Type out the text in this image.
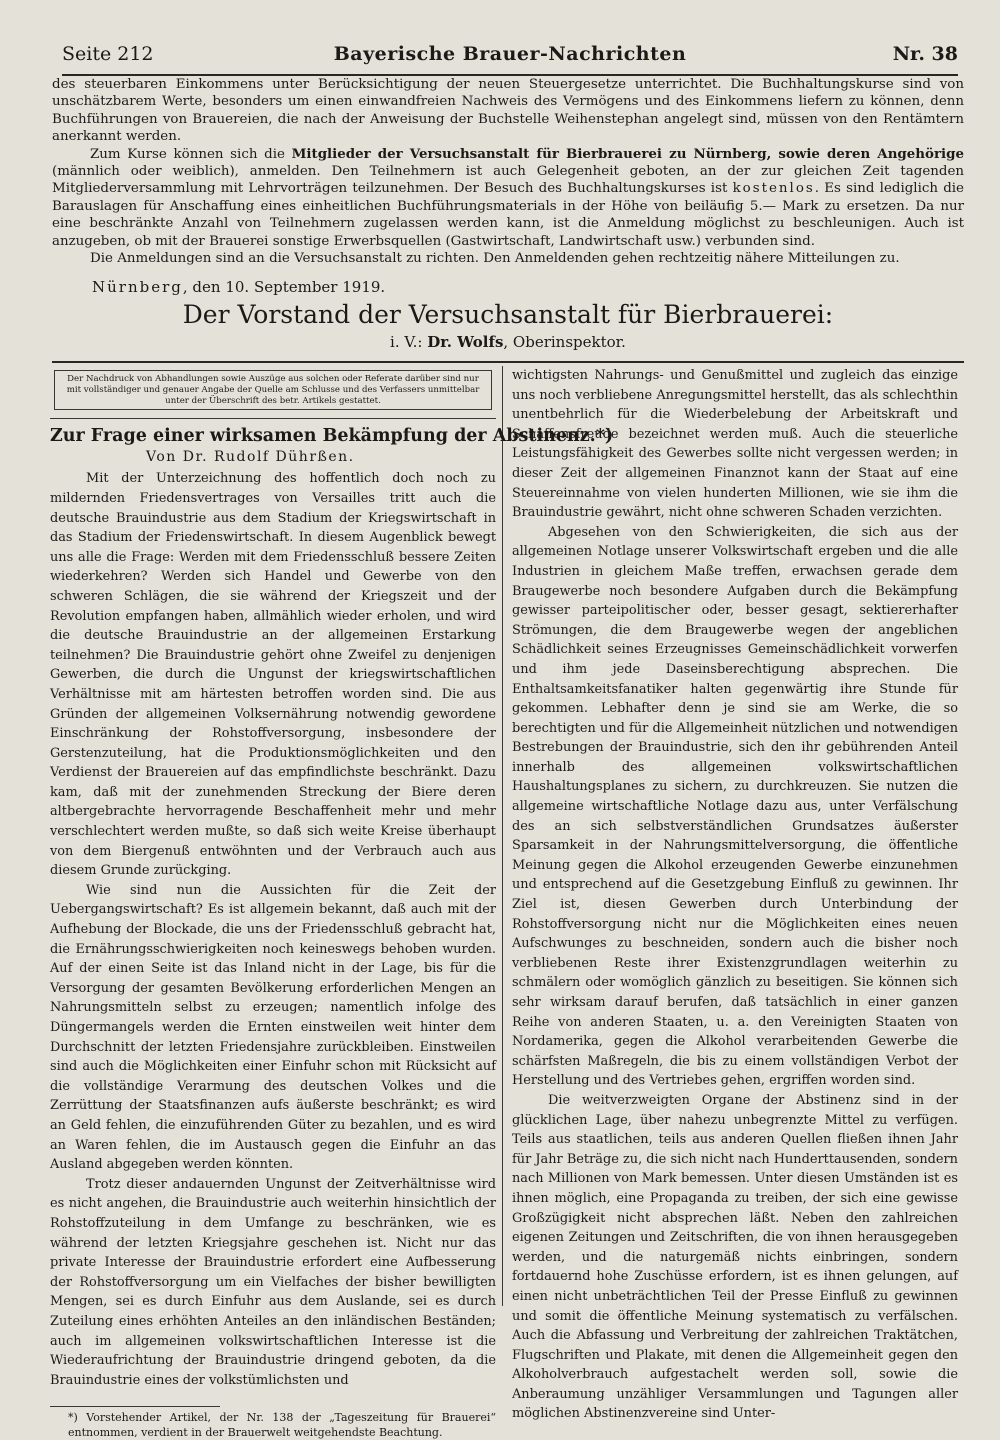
Seite 212	Bayerische Brauer-Nachrichten	Nr. 38

des steuerbaren Einkommens unter Berücksichtigung der neuen Steuergesetze unterrichtet. Die Buchhaltungskurse sind von unschätzbarem Werte, besonders um einen einwandfreien Nachweis des Vermögens und des Einkommens liefern zu können, denn Buchführungen von Brauereien, die nach der Anweisung der Buchstelle Weihenstephan angelegt sind, müssen von den Rentämtern anerkannt werden.

Zum Kurse können sich die Mitglieder der Versuchsanstalt für Bierbrauerei zu Nürnberg, sowie deren Angehörige (männlich oder weiblich), anmelden. Den Teilnehmern ist auch Gelegenheit geboten, an der zur gleichen Zeit tagenden Mitgliederversammlung mit Lehrvorträgen teilzunehmen. Der Besuch des Buchhaltungskurses ist kostenlos. Es sind lediglich die Barauslagen für Anschaffung eines einheitlichen Buchführungsmaterials in der Höhe von beiläufig 5.— Mark zu ersetzen. Da nur eine beschränkte Anzahl von Teilnehmern zugelassen werden kann, ist die Anmeldung möglichst zu beschleunigen. Auch ist anzugeben, ob mit der Brauerei sonstige Erwerbsquellen (Gastwirtschaft, Landwirtschaft usw.) verbunden sind.

Die Anmeldungen sind an die Versuchsanstalt zu richten. Den Anmeldenden gehen rechtzeitig nähere Mitteilungen zu.

Nürnberg, den 10. September 1919.
Der Vorstand der Versuchsanstalt für Bierbrauerei:
i. V.: Dr. Wolfs, Oberinspektor.
Der Nachdruck von Abhandlungen sowie Auszüge aus solchen oder Referate darüber sind nur mit vollständiger und genauer Angabe der Quelle am Schlusse und des Verfassers unmittelbar unter der Überschrift des betr. Artikels gestattet.
Zur Frage einer wirksamen Bekämpfung der Abstinenz.*)
Von Dr. Rudolf Dührßen.

Mit der Unterzeichnung des hoffentlich doch noch zu mildernden Friedensvertrages von Versailles tritt auch die deutsche Brauindustrie aus dem Stadium der Kriegswirtschaft in das Stadium der Friedenswirtschaft. In diesem Augenblick bewegt uns alle die Frage: Werden mit dem Friedensschluß bessere Zeiten wiederkehren? Werden sich Handel und Gewerbe von den schweren Schlägen, die sie während der Kriegszeit und der Revolution empfangen haben, allmählich wieder erholen, und wird die deutsche Brauindustrie an der allgemeinen Erstarkung teilnehmen? Die Brauindustrie gehört ohne Zweifel zu denjenigen Gewerben, die durch die Ungunst der kriegswirtschaftlichen Verhältnisse mit am härtesten betroffen worden sind. Die aus Gründen der allgemeinen Volksernährung notwendig gewordene Einschränkung der Rohstoffversorgung, insbesondere der Gerstenzuteilung, hat die Produktionsmöglichkeiten und den Verdienst der Brauereien auf das empfindlichste beschränkt. Dazu kam, daß mit der zunehmenden Streckung der Biere deren altbergebrachte hervorragende Beschaffenheit mehr und mehr verschlechtert werden mußte, so daß sich weite Kreise überhaupt von dem Biergenuß entwöhnten und der Verbrauch auch aus diesem Grunde zurückging.

Wie sind nun die Aussichten für die Zeit der Uebergangswirtschaft? Es ist allgemein bekannt, daß auch mit der Aufhebung der Blockade, die uns der Friedensschluß gebracht hat, die Ernährungsschwierigkeiten noch keineswegs behoben wurden. Auf der einen Seite ist das Inland nicht in der Lage, bis für die Versorgung der gesamten Bevölkerung erforderlichen Mengen an Nahrungsmitteln selbst zu erzeugen; namentlich infolge des Düngermangels werden die Ernten einstweilen weit hinter dem Durchschnitt der letzten Friedensjahre zurückbleiben. Einstweilen sind auch die Möglichkeiten einer Einfuhr schon mit Rücksicht auf die vollständige Verarmung des deutschen Volkes und die Zerrüttung der Staatsfinanzen aufs äußerste beschränkt; es wird an Geld fehlen, die einzuführenden Güter zu bezahlen, und es wird an Waren fehlen, die im Austausch gegen die Einfuhr an das Ausland abgegeben werden könnten.

Trotz dieser andauernden Ungunst der Zeitverhältnisse wird es nicht angehen, die Brauindustrie auch weiterhin hinsichtlich der Rohstoffzuteilung in dem Umfange zu beschränken, wie es während der letzten Kriegsjahre geschehen ist. Nicht nur das private Interesse der Brauindustrie erfordert eine Aufbesserung der Rohstoffversorgung um ein Vielfaches der bisher bewilligten Mengen, sei es durch Einfuhr aus dem Auslande, sei es durch Zuteilung eines erhöhten Anteiles an den inländischen Beständen; auch im allgemeinen volkswirtschaftlichen Interesse ist die Wiederaufrichtung der Brauindustrie dringend geboten, da die Brauindustrie eines der volkstümlichsten und

*) Vorstehender Artikel, der Nr. 138 der „Tageszeitung für Brauerei“ entnommen, verdient in der Brauerwelt weitgehendste Beachtung.

wichtigsten Nahrungs- und Genußmittel und zugleich das einzige uns noch verbliebene Anregungsmittel herstellt, das als schlechthin unentbehrlich für die Wiederbelebung der Arbeitskraft und Schaffensfreude bezeichnet werden muß. Auch die steuerliche Leistungsfähigkeit des Gewerbes sollte nicht vergessen werden; in dieser Zeit der allgemeinen Finanznot kann der Staat auf eine Steuereinnahme von vielen hunderten Millionen, wie sie ihm die Brauindustrie gewährt, nicht ohne schweren Schaden verzichten.

Abgesehen von den Schwierigkeiten, die sich aus der allgemeinen Notlage unserer Volkswirtschaft ergeben und die alle Industrien in gleichem Maße treffen, erwachsen gerade dem Braugewerbe noch besondere Aufgaben durch die Bekämpfung gewisser parteipolitischer oder, besser gesagt, sektiererhafter Strömungen, die dem Braugewerbe wegen der angeblichen Schädlichkeit seines Erzeugnisses Gemeinschädlichkeit vorwerfen und ihm jede Daseinsberechtigung absprechen. Die Enthaltsamkeitsfanatiker halten gegenwärtig ihre Stunde für gekommen. Lebhafter denn je sind sie am Werke, die so berechtigten und für die Allgemeinheit nützlichen und notwendigen Bestrebungen der Brauindustrie, sich den ihr gebührenden Anteil innerhalb des allgemeinen volkswirtschaftlichen Haushaltungsplanes zu sichern, zu durchkreuzen. Sie nutzen die allgemeine wirtschaftliche Notlage dazu aus, unter Verfälschung des an sich selbstverständlichen Grundsatzes äußerster Sparsamkeit in der Nahrungsmittelversorgung, die öffentliche Meinung gegen die Alkohol erzeugenden Gewerbe einzunehmen und entsprechend auf die Gesetzgebung Einfluß zu gewinnen. Ihr Ziel ist, diesen Gewerben durch Unterbindung der Rohstoffversorgung nicht nur die Möglichkeiten eines neuen Aufschwunges zu beschneiden, sondern auch die bisher noch verbliebenen Reste ihrer Existenzgrundlagen weiterhin zu schmälern oder womöglich gänzlich zu beseitigen. Sie können sich sehr wirksam darauf berufen, daß tatsächlich in einer ganzen Reihe von anderen Staaten, u. a. den Vereinigten Staaten von Nordamerika, gegen die Alkohol verarbeitenden Gewerbe die schärfsten Maßregeln, die bis zu einem vollständigen Verbot der Herstellung und des Vertriebes gehen, ergriffen worden sind.

Die weitverzweigten Organe der Abstinenz sind in der glücklichen Lage, über nahezu unbegrenzte Mittel zu verfügen. Teils aus staatlichen, teils aus anderen Quellen fließen ihnen Jahr für Jahr Beträge zu, die sich nicht nach Hunderttausenden, sondern nach Millionen von Mark bemessen. Unter diesen Umständen ist es ihnen möglich, eine Propaganda zu treiben, der sich eine gewisse Großzügigkeit nicht absprechen läßt. Neben den zahlreichen eigenen Zeitungen und Zeitschriften, die von ihnen herausgegeben werden, und die naturgemäß nichts einbringen, sondern fortdauernd hohe Zuschüsse erfordern, ist es ihnen gelungen, auf einen nicht unbeträchtlichen Teil der Presse Einfluß zu gewinnen und somit die öffentliche Meinung systematisch zu verfälschen. Auch die Abfassung und Verbreitung der zahlreichen Traktätchen, Flugschriften und Plakate, mit denen die Allgemeinheit gegen den Alkoholverbrauch aufgestachelt werden soll, sowie die Anberaumung unzähliger Versammlungen und Tagungen aller möglichen Abstinenzvereine sind Unter-
